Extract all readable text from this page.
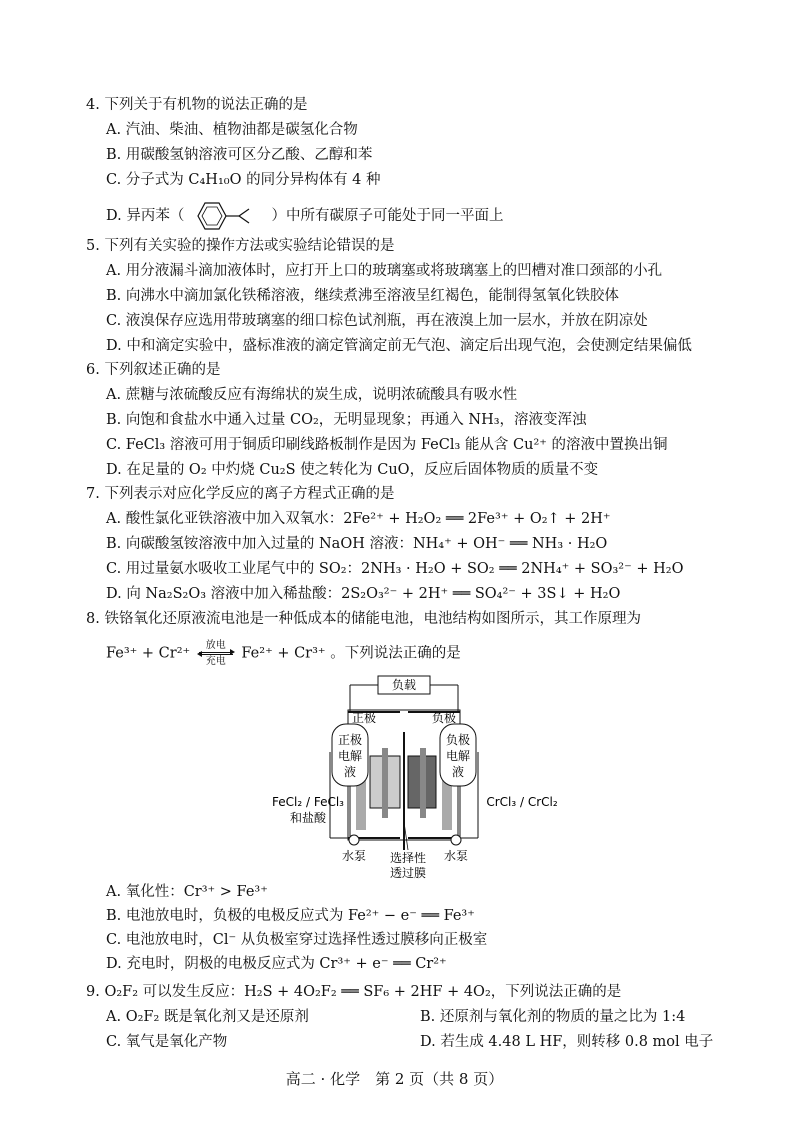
4. 下列关于有机物的说法正确的是
A. 汽油、柴油、植物油都是碳氢化合物
B. 用碳酸氢钠溶液可区分乙酸、乙醇和苯
C. 分子式为 C₄H₁₀O 的同分异构体有 4 种
D. 异丙苯（	）中所有碳原子可能处于同一平面上
5. 下列有关实验的操作方法或实验结论错误的是
A. 用分液漏斗滴加液体时，应打开上口的玻璃塞或将玻璃塞上的凹槽对准口颈部的小孔
B. 向沸水中滴加氯化铁稀溶液，继续煮沸至溶液呈红褐色，能制得氢氧化铁胶体
C. 液溴保存应选用带玻璃塞的细口棕色试剂瓶，再在液溴上加一层水，并放在阴凉处
D. 中和滴定实验中，盛标准液的滴定管滴定前无气泡、滴定后出现气泡，会使测定结果偏低
6. 下列叙述正确的是
A. 蔗糖与浓硫酸反应有海绵状的炭生成，说明浓硫酸具有吸水性
B. 向饱和食盐水中通入过量 CO₂，无明显现象；再通入 NH₃，溶液变浑浊
C. FeCl₃ 溶液可用于铜质印刷线路板制作是因为 FeCl₃ 能从含 Cu²⁺ 的溶液中置换出铜
D. 在足量的 O₂ 中灼烧 Cu₂S 使之转化为 CuO，反应后固体物质的质量不变
7. 下列表示对应化学反应的离子方程式正确的是
A. 酸性氯化亚铁溶液中加入双氧水：2Fe²⁺ + H₂O₂ ══ 2Fe³⁺ + O₂↑ + 2H⁺
B. 向碳酸氢铵溶液中加入过量的 NaOH 溶液：NH₄⁺ + OH⁻ ══ NH₃ · H₂O
C. 用过量氨水吸收工业尾气中的 SO₂：2NH₃ · H₂O + SO₂ ══ 2NH₄⁺ + SO₃²⁻ + H₂O
D. 向 Na₂S₂O₃ 溶液中加入稀盐酸：2S₂O₃²⁻ + 2H⁺ ══ SO₄²⁻ + 3S↓ + H₂O
8. 铁铬氧化还原液流电池是一种低成本的储能电池，电池结构如图所示，其工作原理为
Fe³⁺ + Cr²⁺ 放电
充电 Fe²⁺ + Cr³⁺ 。下列说法正确的是
负载
正极	负极
正极
电解
液
负极
电解
液
FeCl₂ / FeCl₃
和盐酸
CrCl₃ / CrCl₂
水泵	水泵
选择性
透过膜
A. 氧化性：Cr³⁺ > Fe³⁺
B. 电池放电时，负极的电极反应式为 Fe²⁺ − e⁻ ══ Fe³⁺
C. 电池放电时，Cl⁻ 从负极室穿过选择性透过膜移向正极室
D. 充电时，阴极的电极反应式为 Cr³⁺ + e⁻ ══ Cr²⁺
9. O₂F₂ 可以发生反应：H₂S + 4O₂F₂ ══ SF₆ + 2HF + 4O₂，下列说法正确的是
A. O₂F₂ 既是氧化剂又是还原剂	B. 还原剂与氧化剂的物质的量之比为 1:4
C. 氧气是氧化产物	D. 若生成 4.48 L HF，则转移 0.8 mol 电子
高二 · 化学　第 2 页（共 8 页）
